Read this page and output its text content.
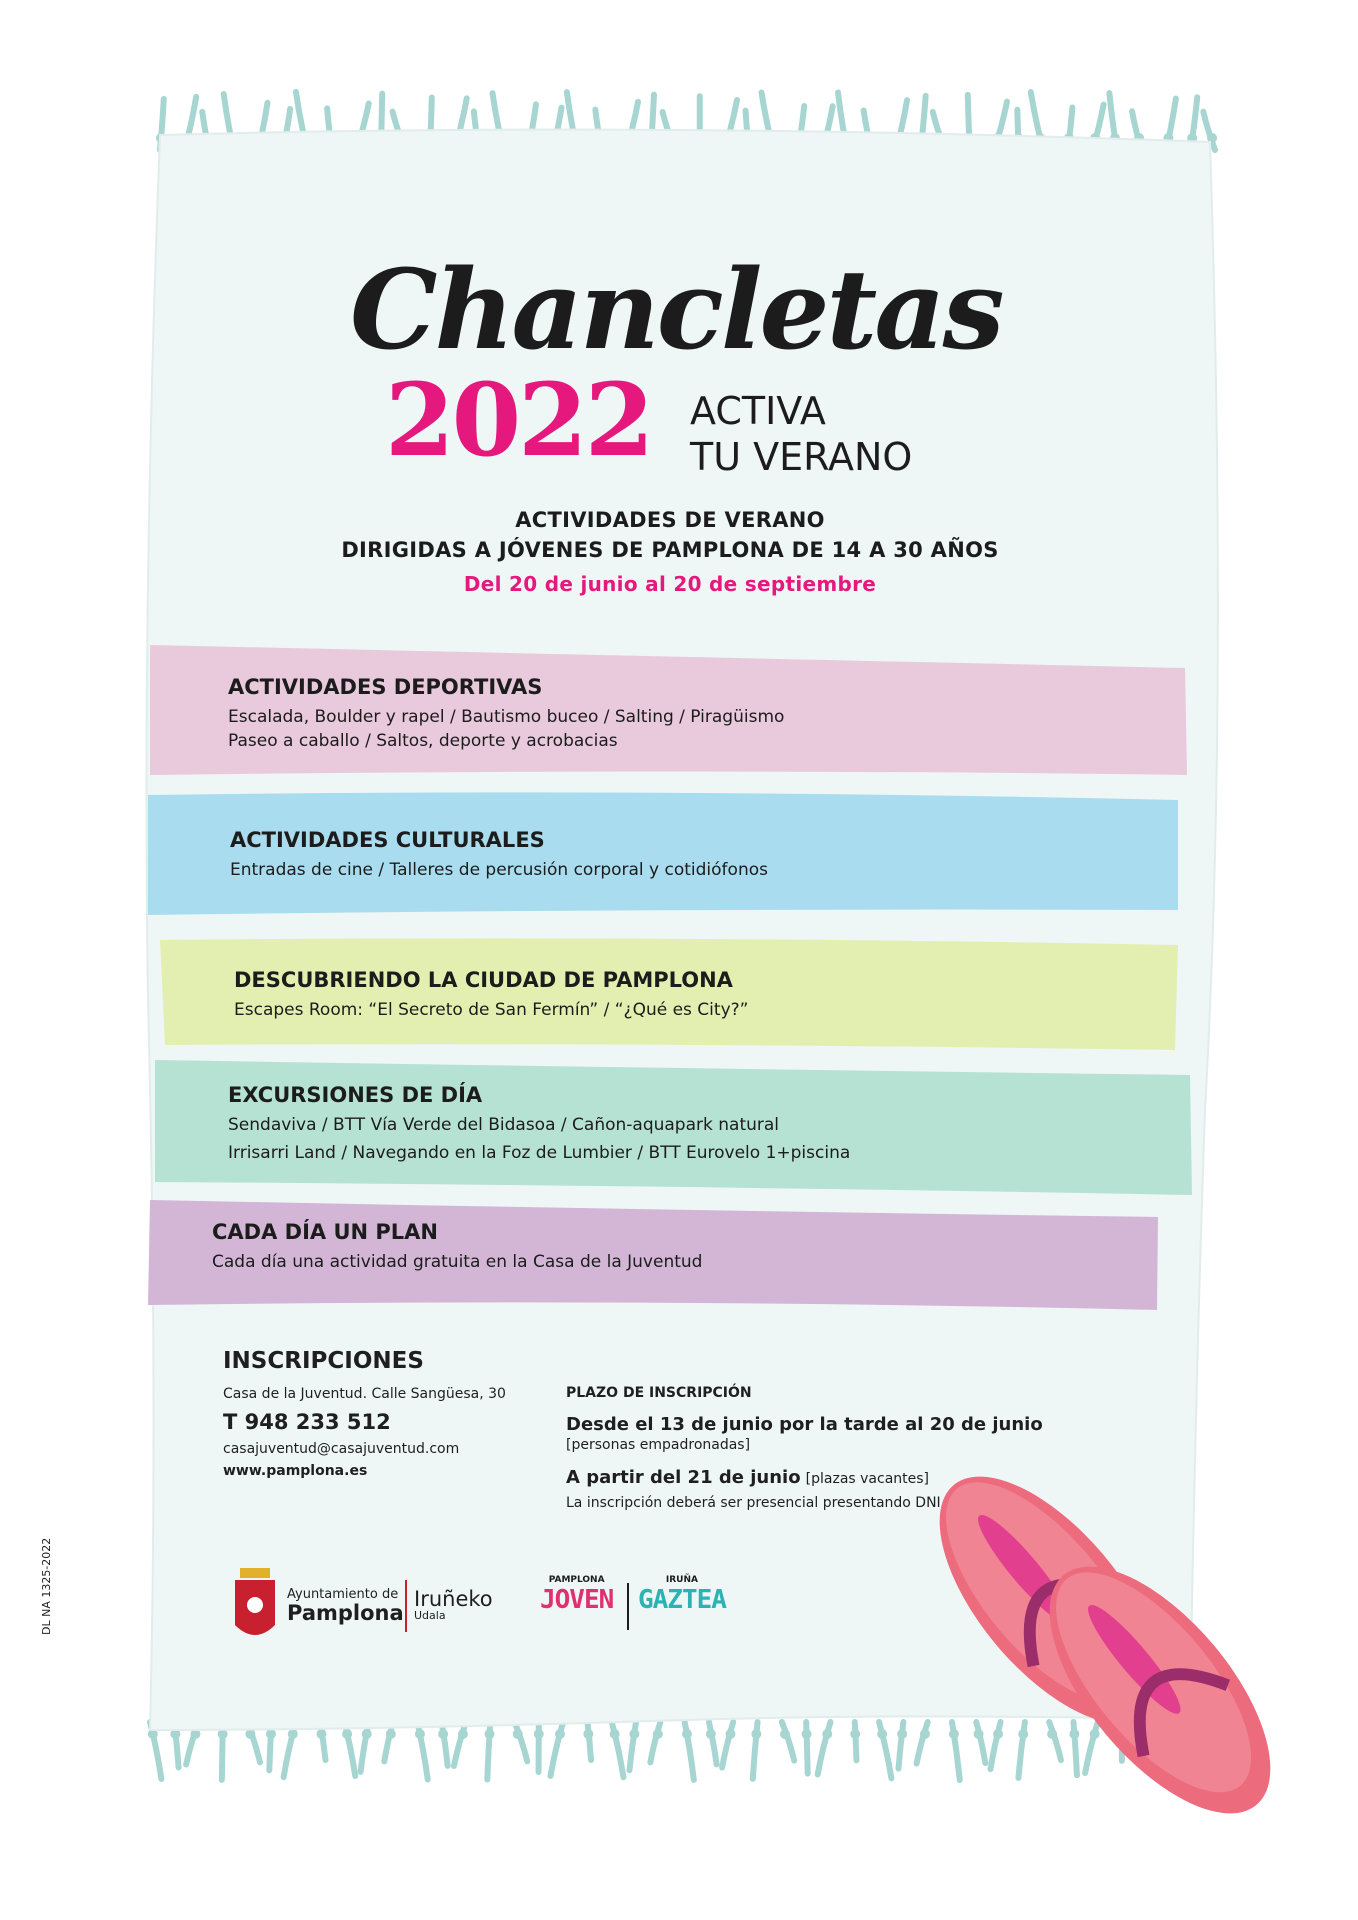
Chancletas
2022 ACTIVA
TU VERANO
ACTIVIDADES DE VERANO
DIRIGIDAS A JÓVENES DE PAMPLONA DE 14 A 30 AÑOS
Del 20 de junio al 20 de septiembre
ACTIVIDADES DEPORTIVAS
Escalada, Boulder y rapel / Bautismo buceo / Salting / Piragüismo
Paseo a caballo / Saltos, deporte y acrobacias
ACTIVIDADES CULTURALES
Entradas de cine / Talleres de percusión corporal y cotidiófonos
DESCUBRIENDO LA CIUDAD DE PAMPLONA
Escapes Room: “El Secreto de San Fermín” / “¿Qué es City?”
EXCURSIONES DE DÍA
Sendaviva / BTT Vía Verde del Bidasoa / Cañon-aquapark natural
Irrisarri Land / Navegando en la Foz de Lumbier / BTT Eurovelo 1+piscina
CADA DÍA UN PLAN
Cada día una actividad gratuita en la Casa de la Juventud
INSCRIPCIONES
Casa de la Juventud. Calle Sangüesa, 30
T 948 233 512
casajuventud@casajuventud.com
www.pamplona.es
PLAZO DE INSCRIPCIÓN
Desde el 13 de junio por la tarde al 20 de junio
[personas empadronadas]
A partir del 21 de junio [plazas vacantes]
La inscripción deberá ser presencial presentando DNI
Ayuntamiento de
Pamplona
Iruñeko
Udala
PAMPLONA
JOVEN
IRUÑA
GAZTEA
DL NA 1325-2022
